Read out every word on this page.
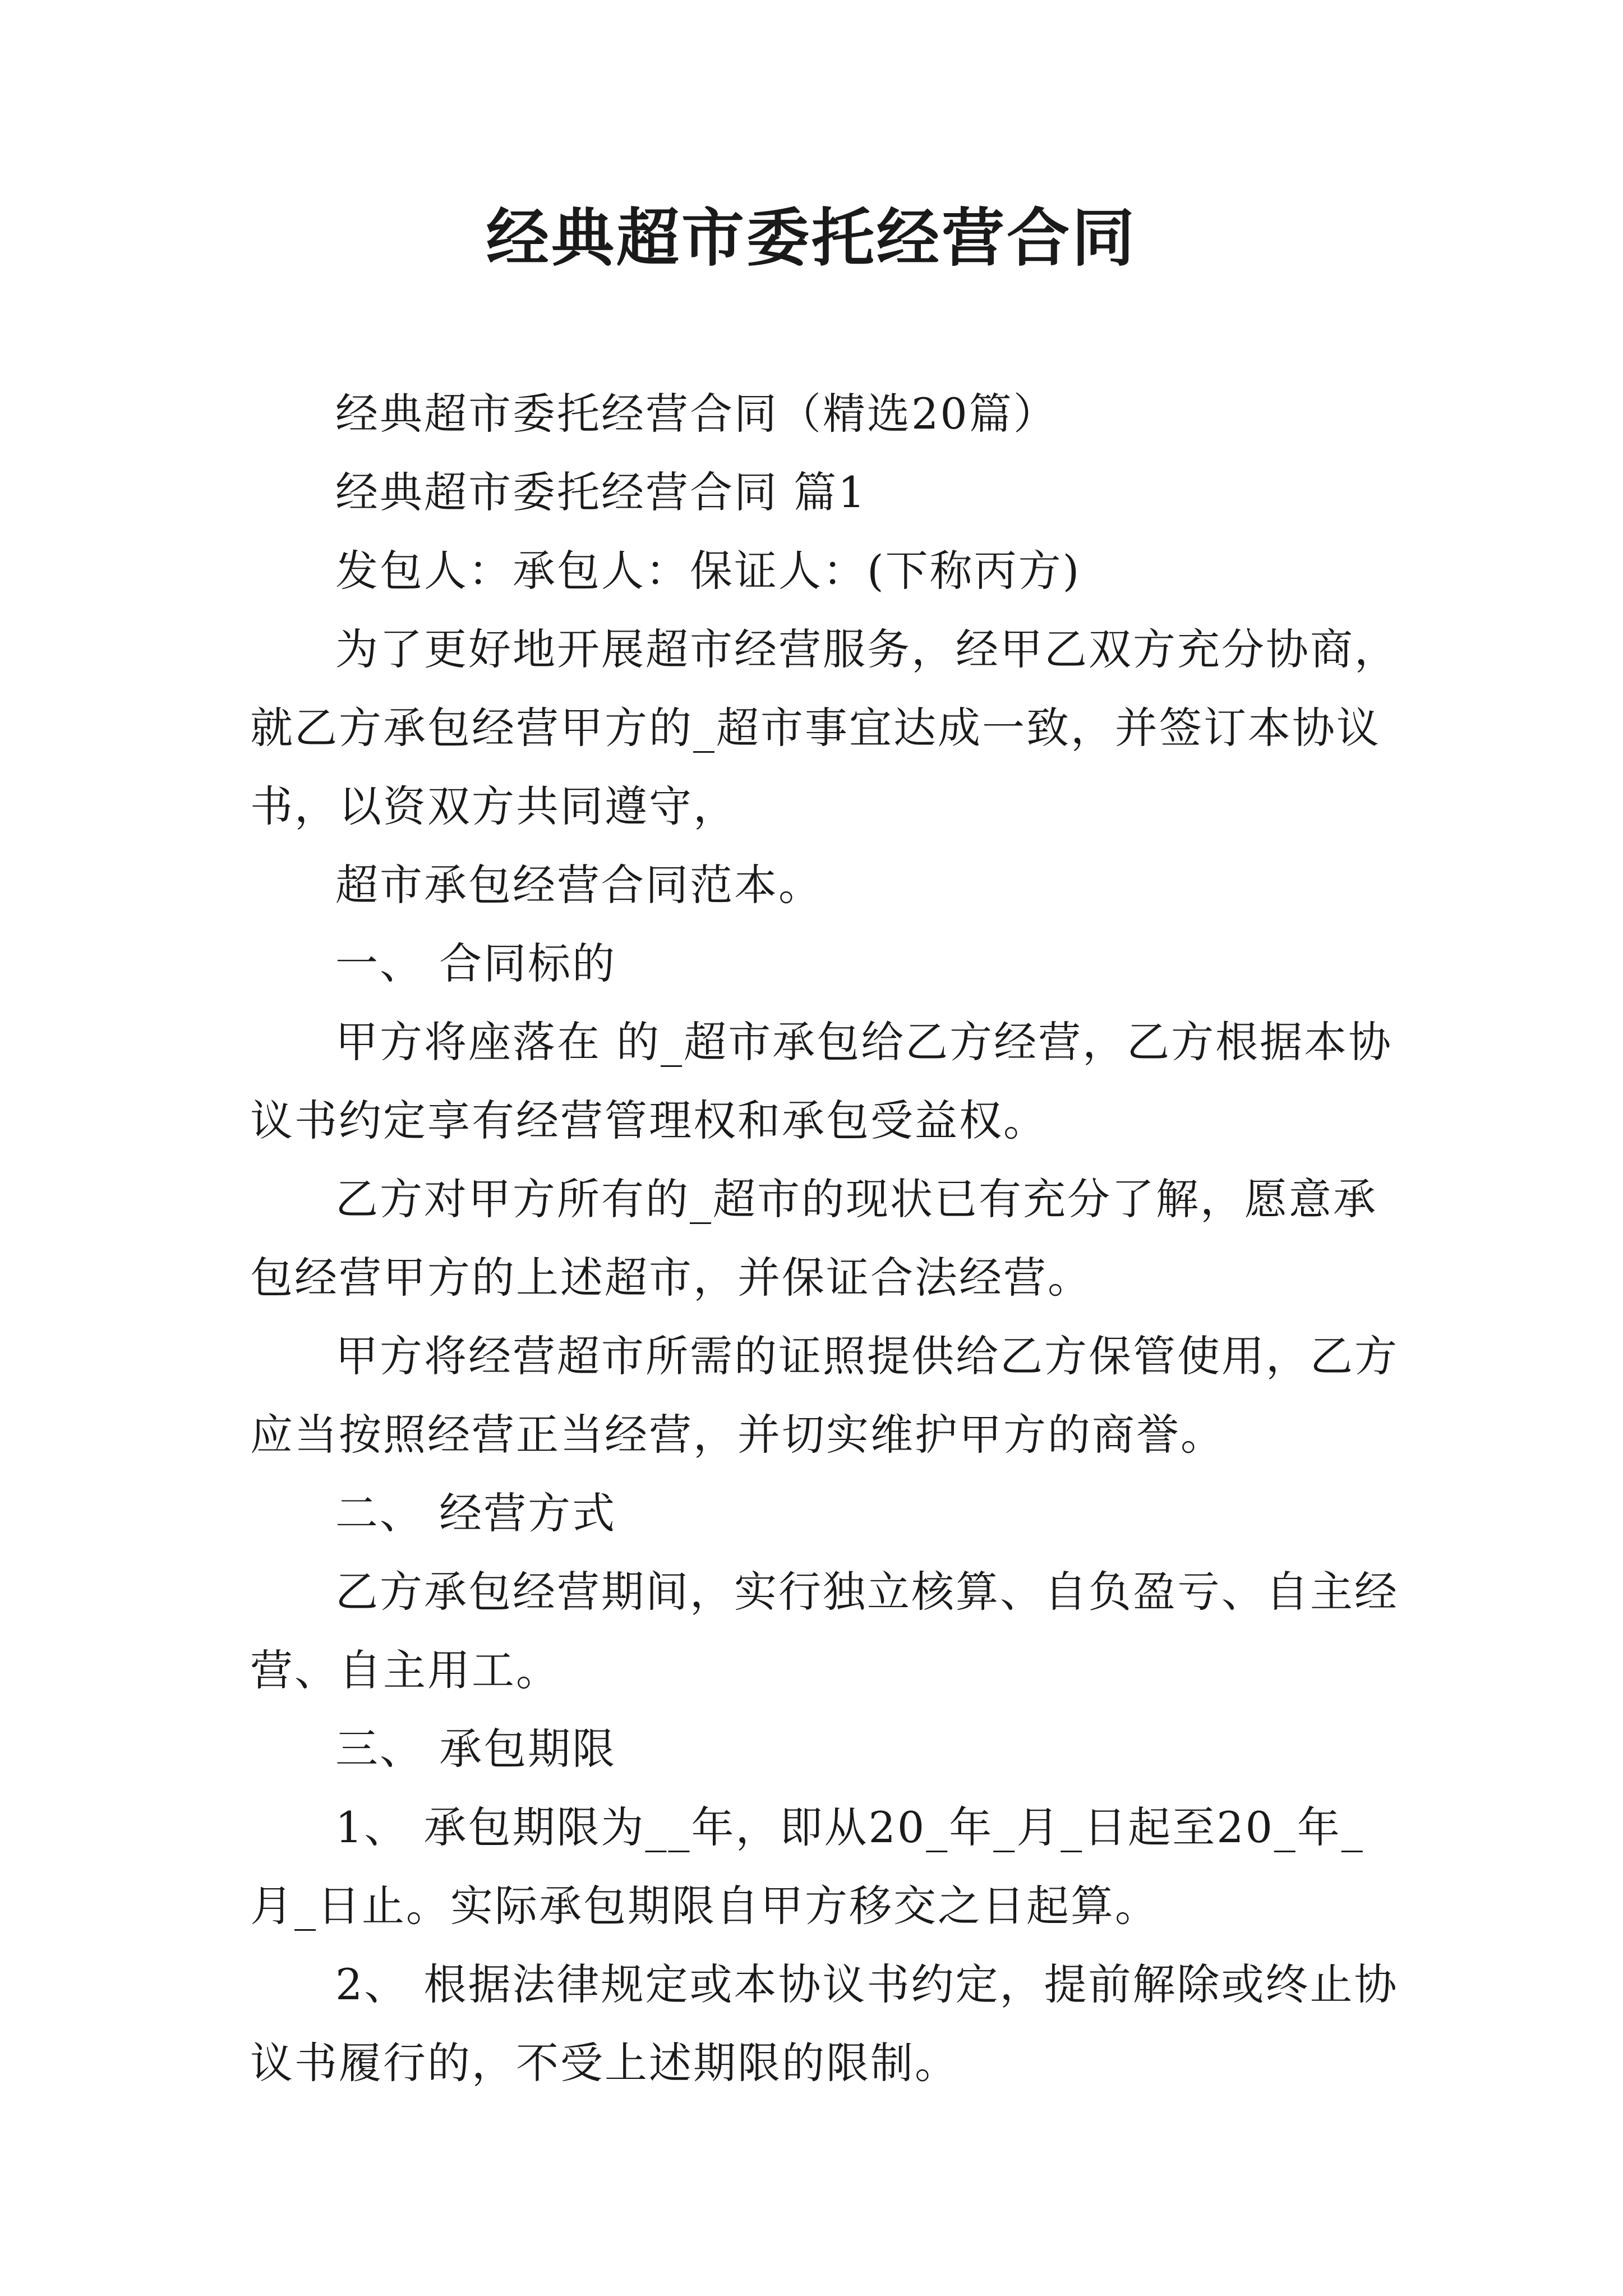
经典超市委托经营合同

经典超市委托经营合同（精选20篇）

经典超市委托经营合同 篇1

发包人：承包人：保证人：(下称丙方)

为了更好地开展超市经营服务，经甲乙双方充分协商，就乙方承包经营甲方的_超市事宜达成一致，并签订本协议书，以资双方共同遵守，

超市承包经营合同范本。

一、 合同标的

甲方将座落在 的_超市承包给乙方经营，乙方根据本协议书约定享有经营管理权和承包受益权。

乙方对甲方所有的_超市的现状已有充分了解，愿意承包经营甲方的上述超市，并保证合法经营。

甲方将经营超市所需的证照提供给乙方保管使用，乙方应当按照经营正当经营，并切实维护甲方的商誉。

二、 经营方式

乙方承包经营期间，实行独立核算、自负盈亏、自主经营、自主用工。

三、 承包期限

1、 承包期限为__年，即从20_年_月_日起至20_年_月_日止。实际承包期限自甲方移交之日起算。

2、 根据法律规定或本协议书约定，提前解除或终止协议书履行的，不受上述期限的限制。
